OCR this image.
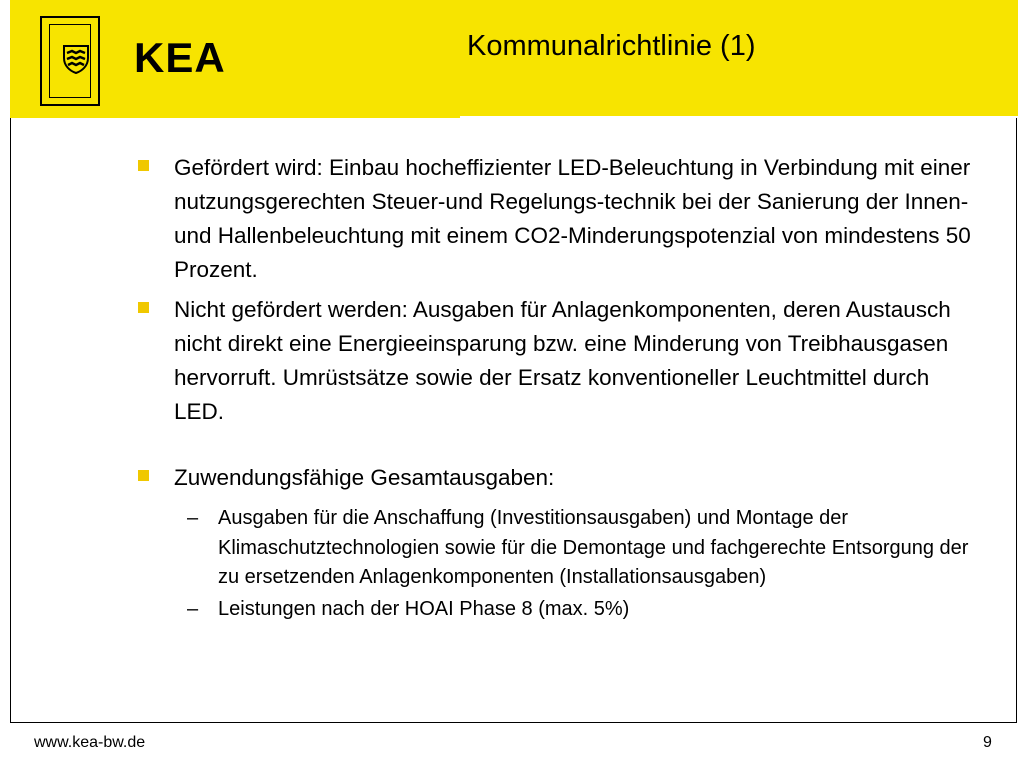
KEA	Kommunalrichtlinie (1)

Gefördert wird: Einbau hocheffizienter LED-Beleuchtung in Verbindung mit einer nutzungsgerechten Steuer-und Regelungs-technik bei der Sanierung der Innen- und Hallenbeleuchtung mit einem CO2-Minderungspotenzial von mindestens 50 Prozent.

Nicht gefördert werden: Ausgaben für Anlagenkomponenten, deren Austausch nicht direkt eine Energieeinsparung bzw. eine Minderung von Treibhausgasen hervorruft. Umrüstsätze sowie der Ersatz konventioneller Leuchtmittel durch LED.

Zuwendungsfähige Gesamtausgaben:

– Ausgaben für die Anschaffung (Investitionsausgaben) und Montage der Klimaschutztechnologien sowie für die Demontage und fachgerechte Entsorgung der zu ersetzenden Anlagenkomponenten (Installationsausgaben)

– Leistungen nach der HOAI Phase 8 (max. 5%)

www.kea-bw.de	9
